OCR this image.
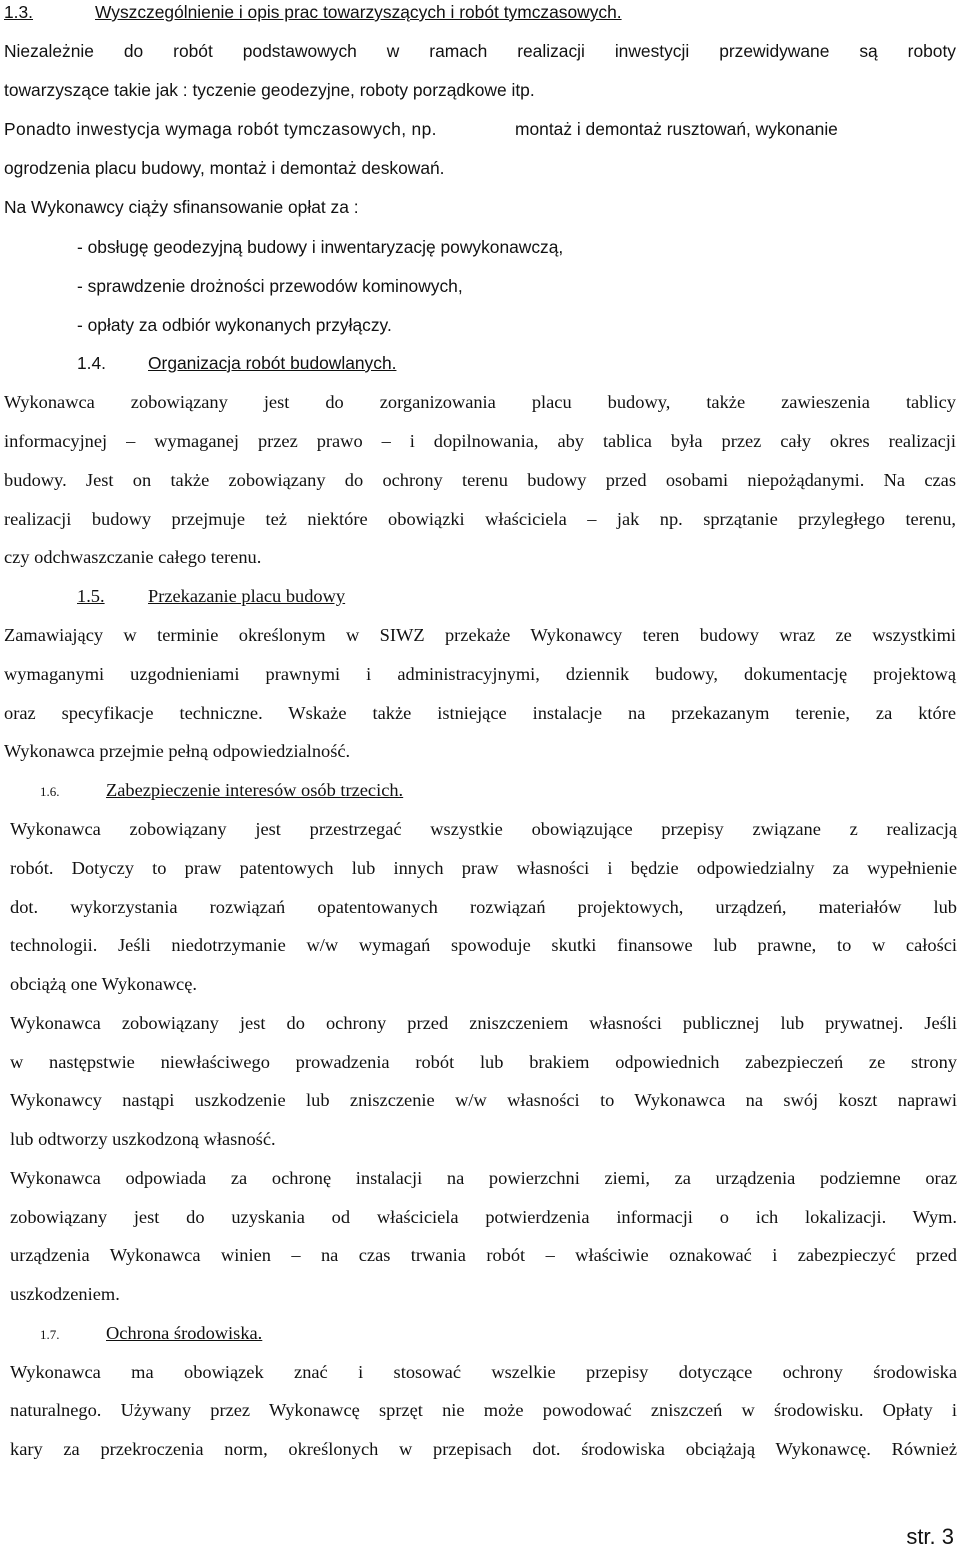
1.3.	Wyszczególnienie i opis prac towarzyszących i robót tymczasowych.
Niezależnie do robót podstawowych w ramach realizacji inwestycji przewidywane są roboty
towarzyszące takie jak : tyczenie geodezyjne, roboty porządkowe itp.
Ponadto inwestycja wymaga robót tymczasowych, np.	montaż i demontaż rusztowań, wykonanie
ogrodzenia placu budowy, montaż i demontaż deskowań.
Na Wykonawcy ciąży sfinansowanie opłat za :
- obsługę geodezyjną budowy i inwentaryzację powykonawczą,
- sprawdzenie drożności przewodów kominowych,
- opłaty za odbiór wykonanych przyłączy.
1.4. Organizacja robót budowlanych.
Wykonawca zobowiązany jest do zorganizowania placu budowy, także zawieszenia tablicy
informacyjnej – wymaganej przez prawo – i dopilnowania, aby tablica była przez cały okres realizacji
budowy. Jest on także zobowiązany do ochrony terenu budowy przed osobami niepożądanymi. Na czas
realizacji budowy przejmuje też niektóre obowiązki właściciela – jak np. sprzątanie przyległego terenu,
czy odchwaszczanie całego terenu.
1.5. Przekazanie placu budowy
Zamawiający w terminie określonym w SIWZ przekaże Wykonawcy teren budowy wraz ze wszystkimi
wymaganymi uzgodnieniami prawnymi i administracyjnymi, dziennik budowy, dokumentację projektową
oraz specyfikacje techniczne. Wskaże także istniejące instalacje na przekazanym terenie, za które
Wykonawca przejmie pełną odpowiedzialność.
1.6.	Zabezpieczenie interesów osób trzecich.
Wykonawca zobowiązany jest przestrzegać wszystkie obowiązujące przepisy związane z realizacją
robót. Dotyczy to praw patentowych lub innych praw własności i będzie odpowiedzialny za wypełnienie
dot. wykorzystania rozwiązań opatentowanych rozwiązań projektowych, urządzeń, materiałów lub
technologii. Jeśli niedotrzymanie w/w wymagań spowoduje skutki finansowe lub prawne, to w całości
obciążą one Wykonawcę.
Wykonawca zobowiązany jest do ochrony przed zniszczeniem własności publicznej lub prywatnej. Jeśli
w następstwie niewłaściwego prowadzenia robót lub brakiem odpowiednich zabezpieczeń ze strony
Wykonawcy nastąpi uszkodzenie lub zniszczenie w/w własności to Wykonawca na swój koszt naprawi
lub odtworzy uszkodzoną własność.
Wykonawca odpowiada za ochronę instalacji na powierzchni ziemi, za urządzenia podziemne oraz
zobowiązany jest do uzyskania od właściciela potwierdzenia informacji o ich lokalizacji. Wym.
urządzenia Wykonawca winien – na czas trwania robót – właściwie oznakować i zabezpieczyć przed
uszkodzeniem.
1.7.	Ochrona środowiska.
Wykonawca ma obowiązek znać i stosować wszelkie przepisy dotyczące ochrony środowiska
naturalnego. Używany przez Wykonawcę sprzęt nie może powodować zniszczeń w środowisku. Opłaty i
kary za przekroczenia norm, określonych w przepisach dot. środowiska obciążają Wykonawcę. Również
str. 3
